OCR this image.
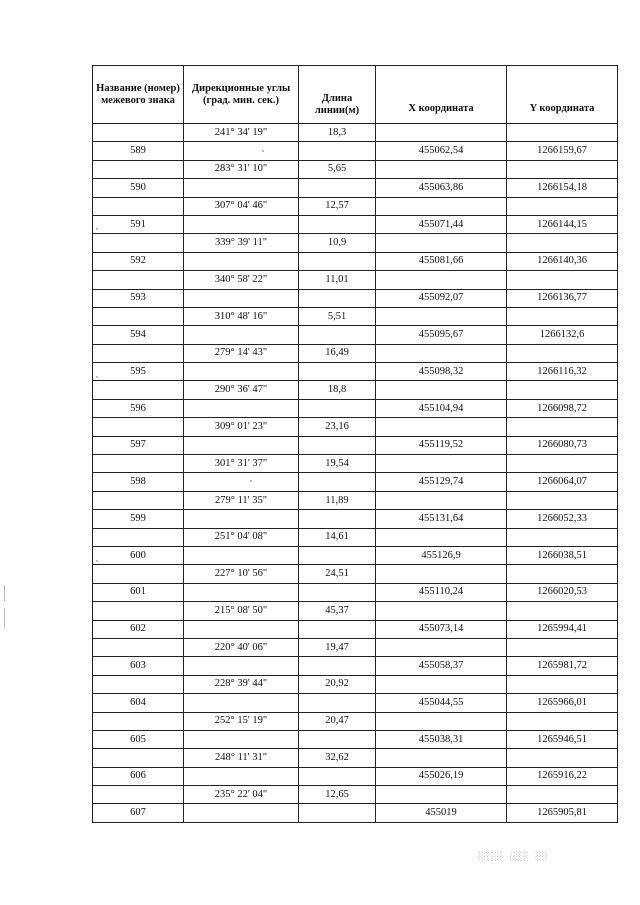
Название (номер) межевого знака	Дирекционные углы (град. мин. сек.)	Длина линии(м)	X координата	Y координата
	241° 34' 19"	18,3		
589			455062,54	1266159,67
	283° 31' 10"	5,65		
590			455063,86	1266154,18
	307° 04' 46"	12,57		
591			455071,44	1266144,15
	339° 39' 11"	10,9		
592			455081,66	1266140,36
	340° 58' 22"	11,01		
593			455092,07	1266136,77
	310° 48' 16"	5,51		
594			455095,67	1266132,6
	279° 14' 43"	16,49		
595			455098,32	1266116,32
	290° 36' 47"	18,8		
596			455104,94	1266098,72
	309° 01' 23"	23,16		
597			455119,52	1266080,73
	301° 31' 37"	19,54		
598			455129,74	1266064,07
	279° 11' 35"	11,89		
599			455131,64	1266052,33
	251° 04' 08"	14,61		
600			455126,9	1266038,51
	227° 10' 56"	24,51		
601			455110,24	1266020,53
	215° 08' 50"	45,37		
602			455073,14	1265994,41
	220° 40' 06"	19,47		
603			455058,37	1265981,72
	228° 39' 44"	20,92		
604			455044,55	1265966,01
	252° 15' 19"	20,47		
605			455038,31	1265946,51
	248° 11' 31"	32,62		
606			455026,19	1265916,22
	235° 22' 04"	12,65		
607			455019	1265905,81
░░░░ ░░░ ░░
